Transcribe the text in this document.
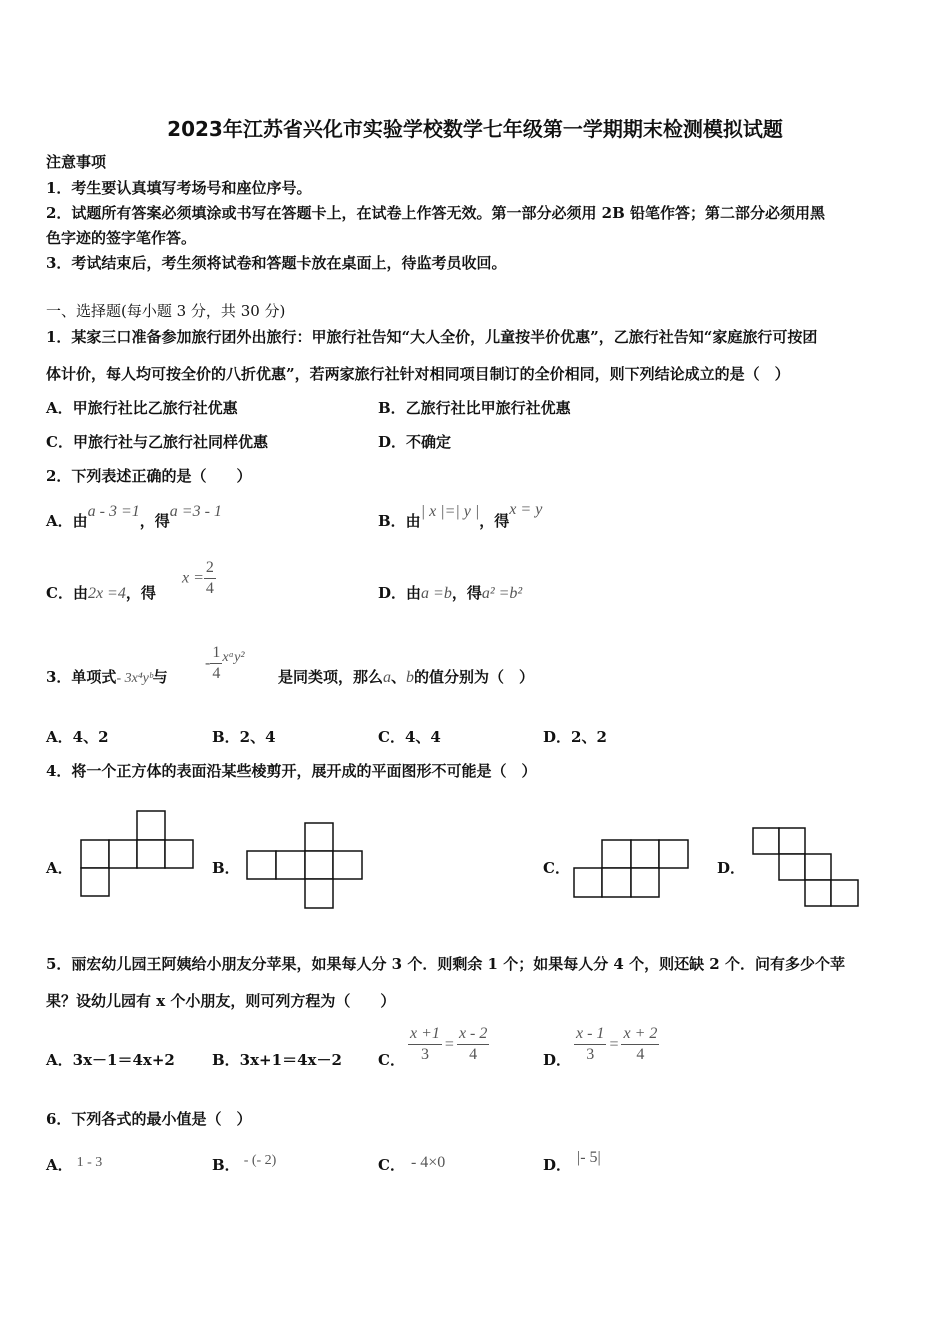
2023年江苏省兴化市实验学校数学七年级第一学期期末检测模拟试题
注意事项
1．考生要认真填写考场号和座位序号。
2．试题所有答案必须填涂或书写在答题卡上，在试卷上作答无效。第一部分必须用 2B 铅笔作答；第二部分必须用黑
色字迹的签字笔作答。
3．考试结束后，考生须将试卷和答题卡放在桌面上，待监考员收回。
一、选择题(每小题 3 分，共 30 分)
1．某家三口准备参加旅行团外出旅行：甲旅行社告知“大人全价，儿童按半价优惠”，乙旅行社告知“家庭旅行可按团
体计价，每人均可按全价的八折优惠”，若两家旅行社针对相同项目制订的全价相同，则下列结论成立的是（　）
A．甲旅行社比乙旅行社优惠	B．乙旅行社比甲旅行社优惠
C．甲旅行社与乙旅行社同样优惠	D．不确定
2．下列表述正确的是（　　）
A．由a - 3 =1，得a =3 - 1
B．由| x |=| y |，得x = y
C．由2x =4，得
$x = \frac{2}{4}$	D．由a =b，得a² =b²
3．单项式- 3x⁴yᵇ与
- $\frac{1}{4}$ xᵃy²
是同类项，那么a、b的值分别为（　）
A．4、2	B．2、4	C．4、4	D．2、2
4．将一个正方体的表面沿某些棱剪开，展开成的平面图形不可能是（　）
A．	B．	C．	D．
5．丽宏幼儿园王阿姨给小朋友分苹果，如果每人分 3 个．则剩余 1 个；如果每人分 4 个，则还缺 2 个．问有多少个苹
果？设幼儿园有 x 个小朋友，则可列方程为（　　）
A．3x－1＝4x+2 B．3x+1＝4x－2 C． $\frac{x +1}{3} = \frac{x - 2}{4}$	D． $\frac{x - 1}{3} = \frac{x + 2}{4}$
6．下列各式的最小值是（　）
A． 1 - 3	B． - (- 2)	C． - 4×0	D． |- 5|
